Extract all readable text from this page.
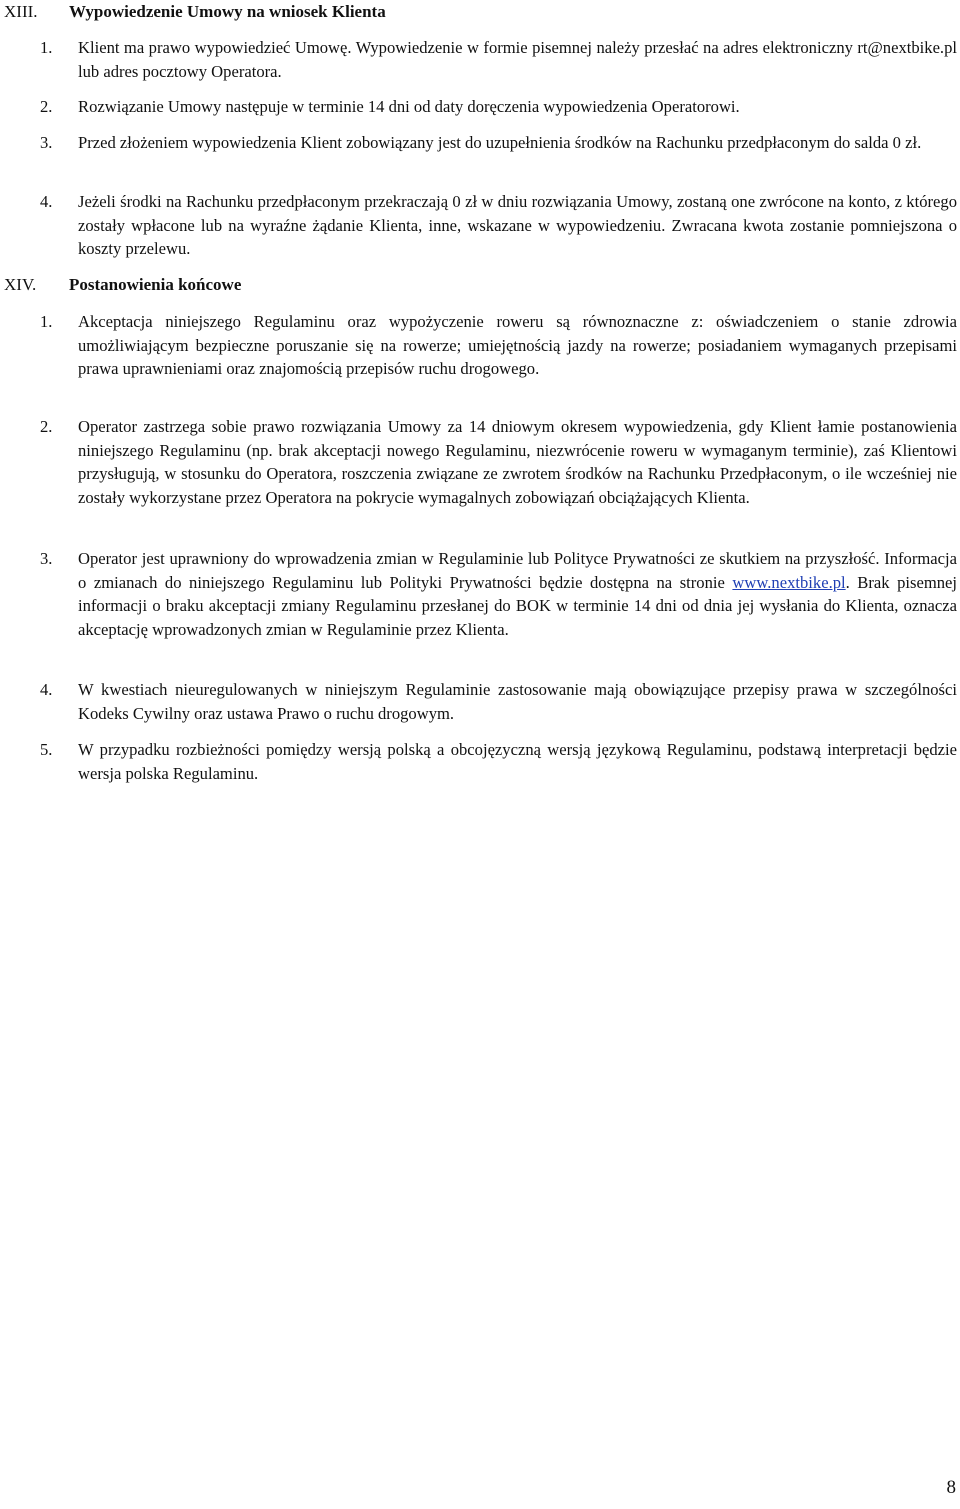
XIII. Wypowiedzenie Umowy na wniosek Klienta
1. Klient ma prawo wypowiedzieć Umowę. Wypowiedzenie w formie pisemnej należy przesłać na adres elektroniczny rt@nextbike.pl lub adres pocztowy Operatora.
2. Rozwiązanie Umowy następuje w terminie 14 dni od daty doręczenia wypowiedzenia Operatorowi.
3. Przed złożeniem wypowiedzenia Klient zobowiązany jest do uzupełnienia środków na Rachunku przedpłaconym do salda 0 zł.
4. Jeżeli środki na Rachunku przedpłaconym przekraczają 0 zł w dniu rozwiązania Umowy, zostaną one zwrócone na konto, z którego zostały wpłacone lub na wyraźne żądanie Klienta, inne, wskazane w wypowiedzeniu. Zwracana kwota zostanie pomniejszona o koszty przelewu.
XIV. Postanowienia końcowe
1. Akceptacja niniejszego Regulaminu oraz wypożyczenie roweru są równoznaczne z: oświadczeniem o stanie zdrowia umożliwiającym bezpieczne poruszanie się na rowerze; umiejętnością jazdy na rowerze; posiadaniem wymaganych przepisami prawa uprawnieniami oraz znajomością przepisów ruchu drogowego.
2. Operator zastrzega sobie prawo rozwiązania Umowy za 14 dniowym okresem wypowiedzenia, gdy Klient łamie postanowienia niniejszego Regulaminu (np. brak akceptacji nowego Regulaminu, niezwrócenie roweru w wymaganym terminie), zaś Klientowi przysługują, w stosunku do Operatora, roszczenia związane ze zwrotem środków na Rachunku Przedpłaconym, o ile wcześniej nie zostały wykorzystane przez Operatora na pokrycie wymagalnych zobowiązań obciążających Klienta.
3. Operator jest uprawniony do wprowadzenia zmian w Regulaminie lub Polityce Prywatności ze skutkiem na przyszłość. Informacja o zmianach do niniejszego Regulaminu lub Polityki Prywatności będzie dostępna na stronie www.nextbike.pl. Brak pisemnej informacji o braku akceptacji zmiany Regulaminu przesłanej do BOK w terminie 14 dni od dnia jej wysłania do Klienta, oznacza akceptację wprowadzonych zmian w Regulaminie przez Klienta.
4. W kwestiach nieuregulowanych w niniejszym Regulaminie zastosowanie mają obowiązujące przepisy prawa w szczególności Kodeks Cywilny oraz ustawa Prawo o ruchu drogowym.
5. W przypadku rozbieżności pomiędzy wersją polską a obcojęzyczną wersją językową Regulaminu, podstawą interpretacji będzie wersja polska Regulaminu.
8
